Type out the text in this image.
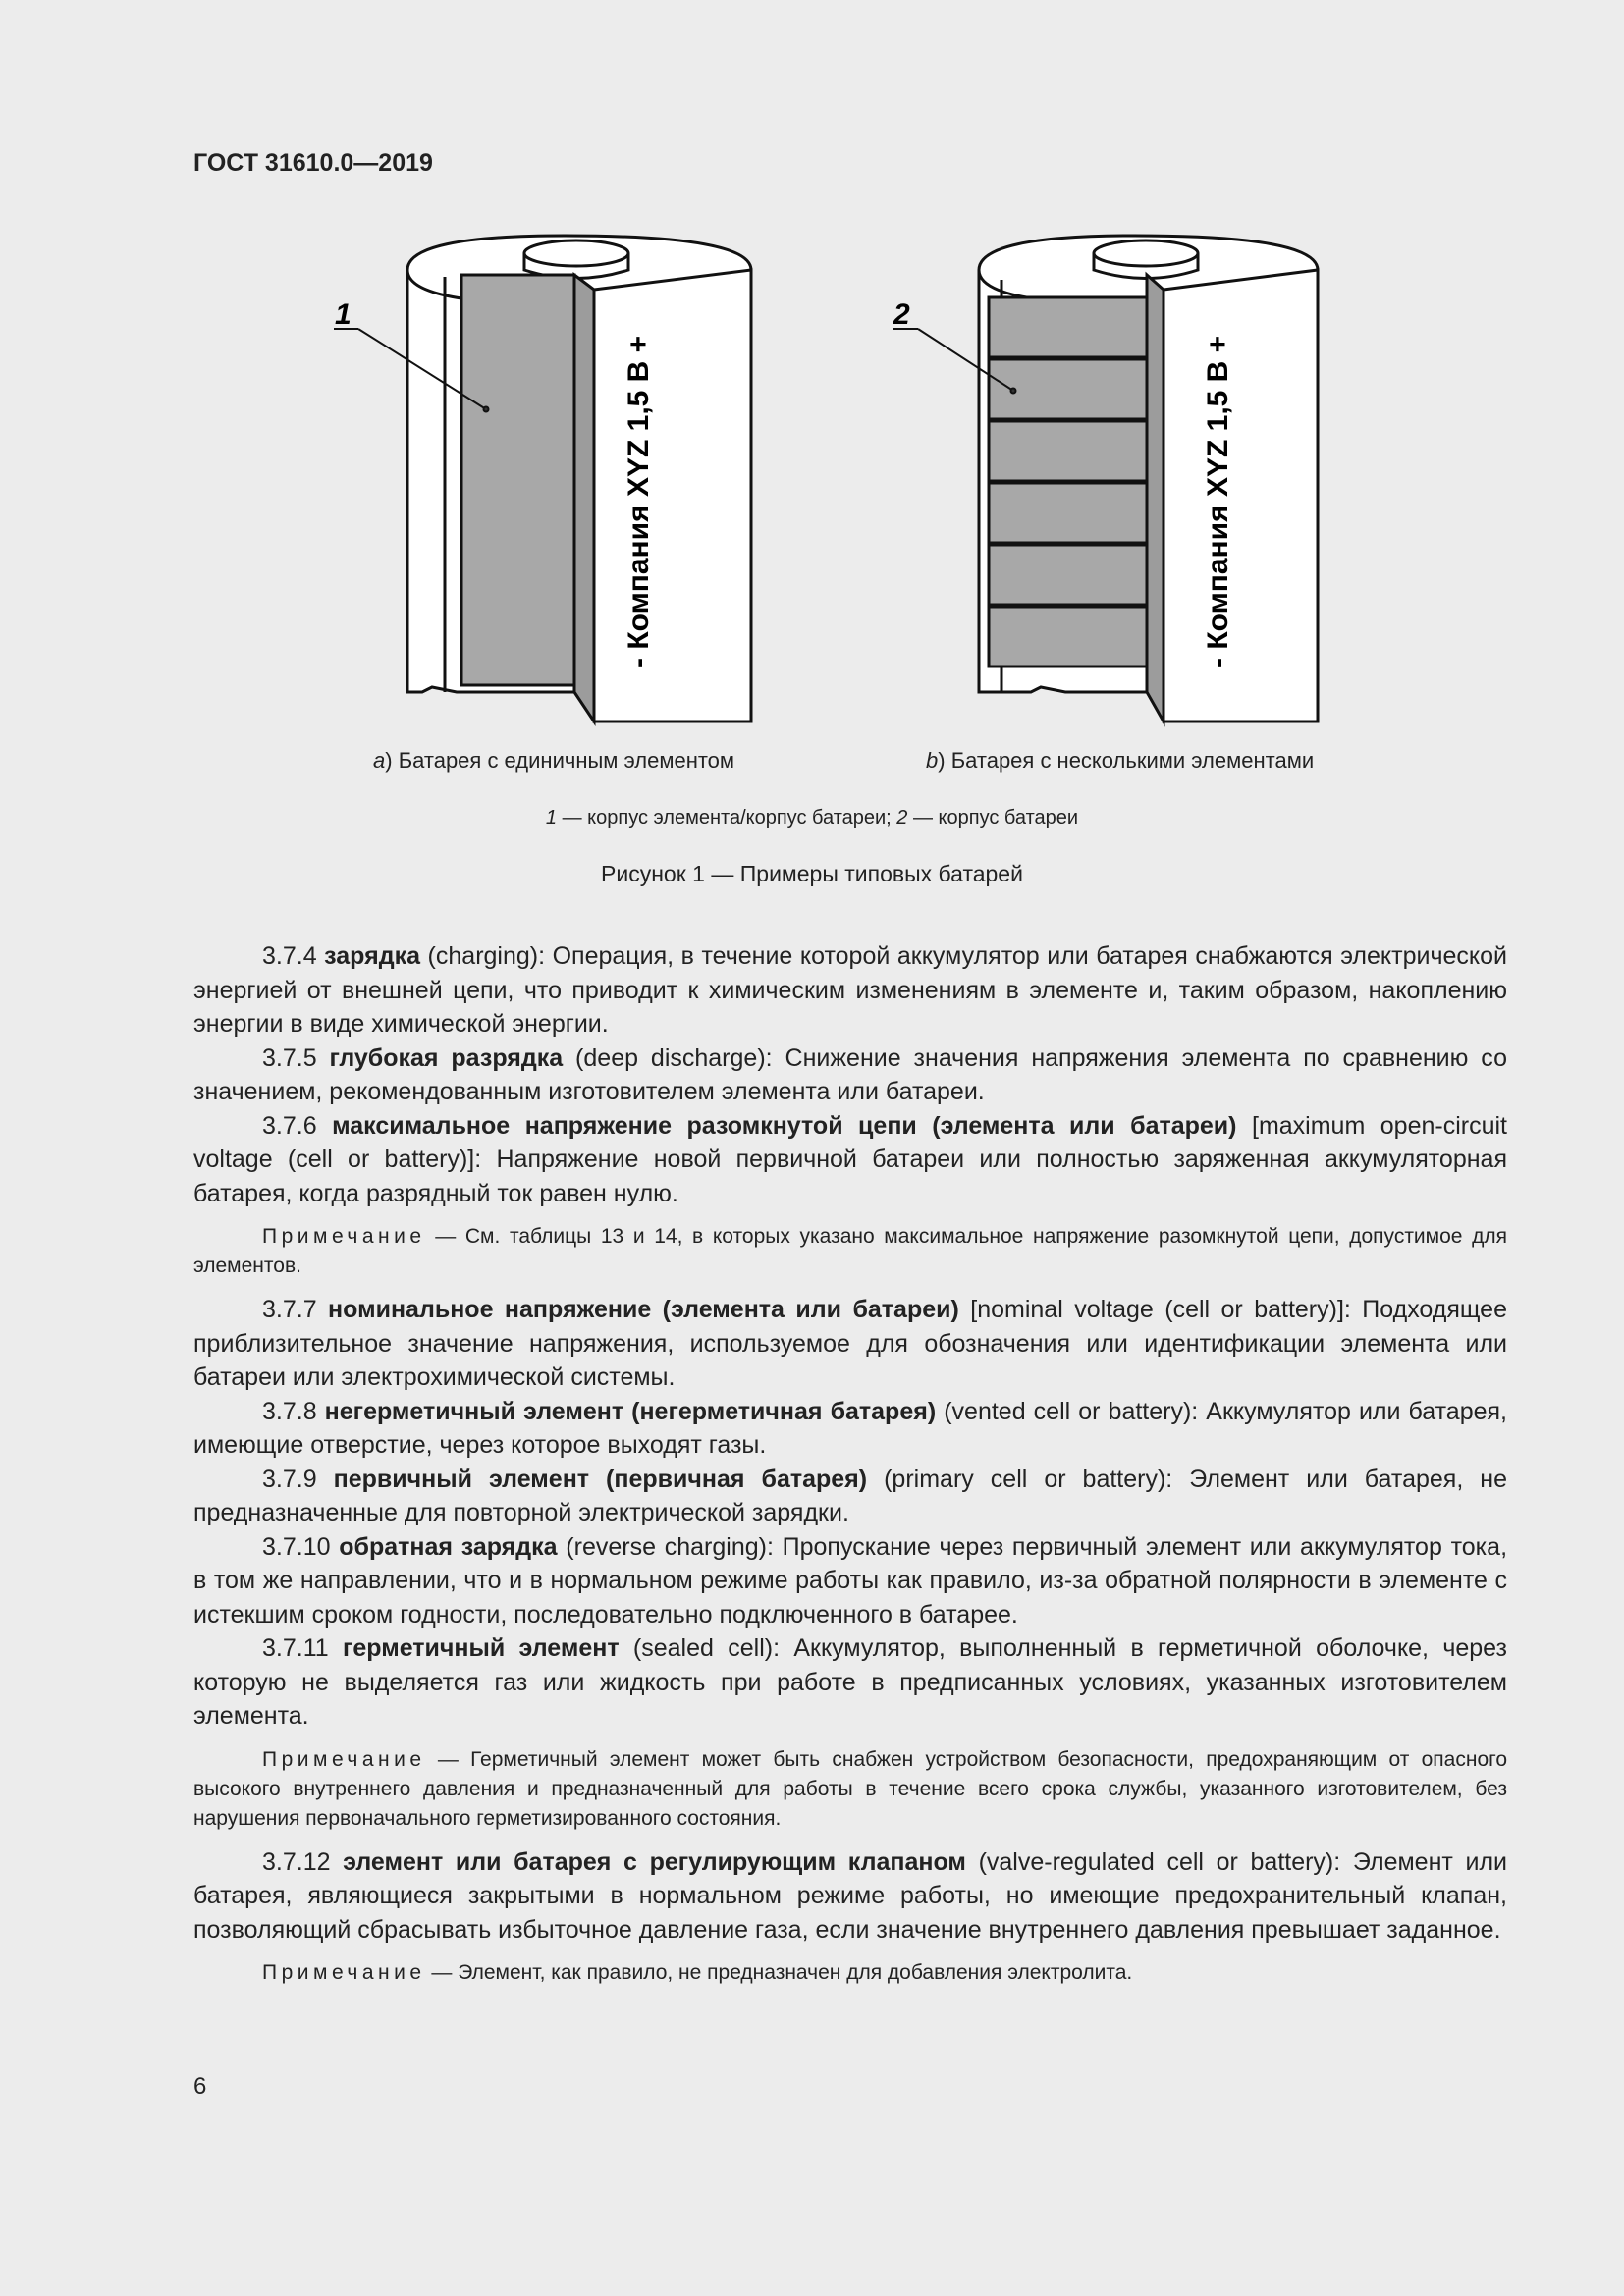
ГОСТ 31610.0—2019
1
- Компания XYZ 1,5 В +
2
- Компания XYZ 1,5 В +
a) Батарея с единичным элементом	b) Батарея с несколькими элементами
1 — корпус элемента/корпус батареи; 2 — корпус батареи
Рисунок 1 — Примеры типовых батарей

3.7.4 зарядка (charging): Операция, в течение которой аккумулятор или батарея снабжаются электрической энергией от внешней цепи, что приводит к химическим изменениям в элементе и, таким образом, накоплению энергии в виде химической энергии.

3.7.5 глубокая разрядка (deep discharge): Снижение значения напряжения элемента по сравнению со значением, рекомендованным изготовителем элемента или батареи.

3.7.6 максимальное напряжение разомкнутой цепи (элемента или батареи) [maximum open-circuit voltage (cell or battery)]: Напряжение новой первичной батареи или полностью заряженная аккумуляторная батарея, когда разрядный ток равен нулю.

Примечание — См. таблицы 13 и 14, в которых указано максимальное напряжение разомкнутой цепи, допустимое для элементов.

3.7.7 номинальное напряжение (элемента или батареи) [nominal voltage (cell or battery)]: Подходящее приблизительное значение напряжения, используемое для обозначения или идентификации элемента или батареи или электрохимической системы.

3.7.8 негерметичный элемент (негерметичная батарея) (vented cell or battery): Аккумулятор или батарея, имеющие отверстие, через которое выходят газы.

3.7.9 первичный элемент (первичная батарея) (primary cell or battery): Элемент или батарея, не предназначенные для повторной электрической зарядки.

3.7.10 обратная зарядка (reverse charging): Пропускание через первичный элемент или аккумулятор тока, в том же направлении, что и в нормальном режиме работы как правило, из-за обратной полярности в элементе с истекшим сроком годности, последовательно подключенного в батарее.

3.7.11 герметичный элемент (sealed cell): Аккумулятор, выполненный в герметичной оболочке, через которую не выделяется газ или жидкость при работе в предписанных условиях, указанных изготовителем элемента.

Примечание — Герметичный элемент может быть снабжен устройством безопасности, предохраняющим от опасного высокого внутреннего давления и предназначенный для работы в течение всего срока службы, указанного изготовителем, без нарушения первоначального герметизированного состояния.

3.7.12 элемент или батарея с регулирующим клапаном (valve-regulated cell or battery): Элемент или батарея, являющиеся закрытыми в нормальном режиме работы, но имеющие предохранительный клапан, позволяющий сбрасывать избыточное давление газа, если значение внутреннего давления превышает заданное.

Примечание — Элемент, как правило, не предназначен для добавления электролита.

6
